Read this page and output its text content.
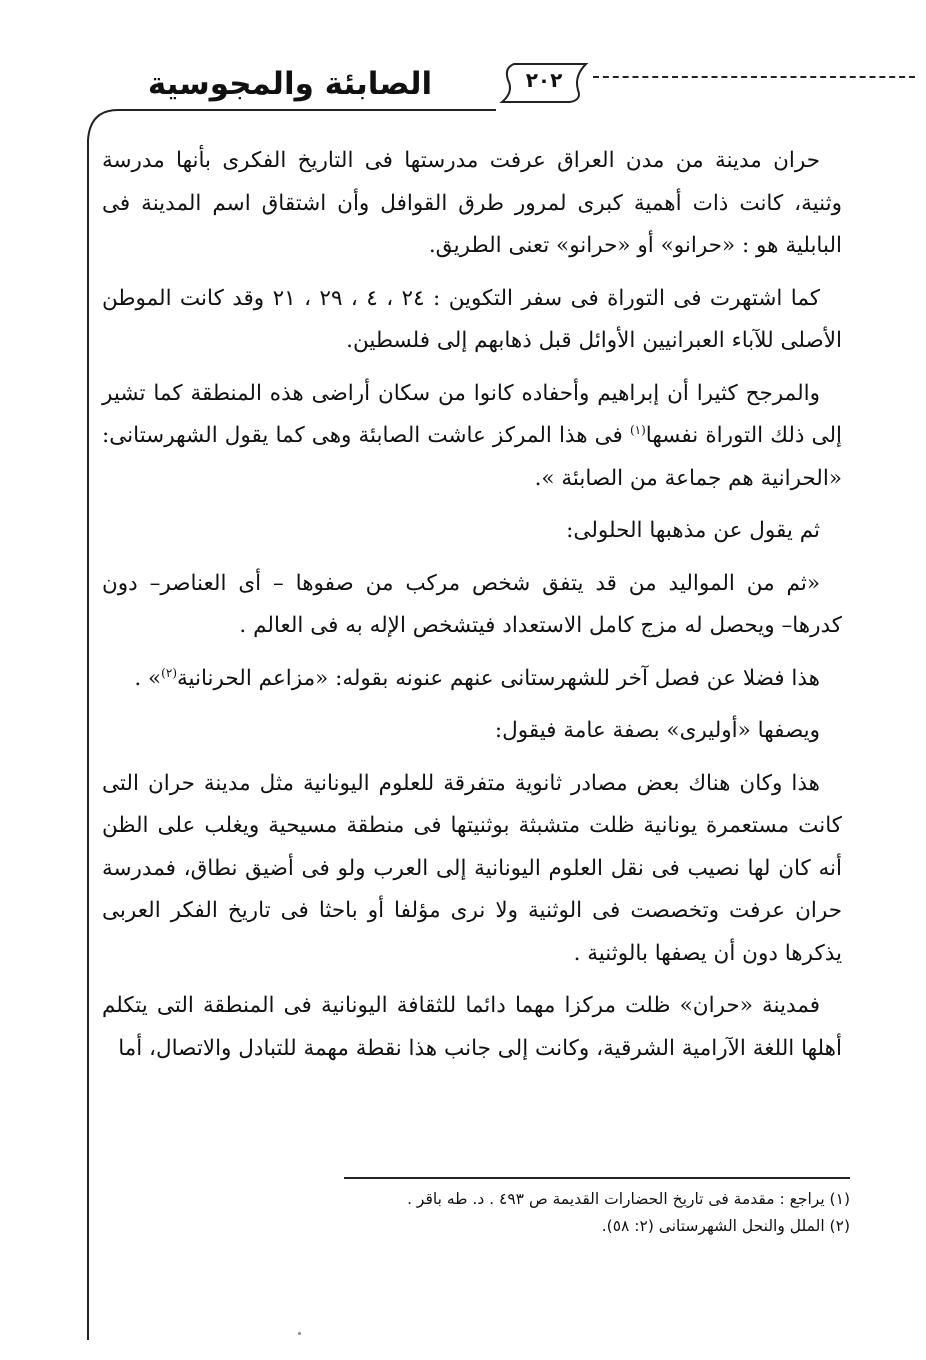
الصابئة والمجوسية	٢٠٢

حران مدينة من مدن العراق عرفت مدرستها فى التاريخ الفكرى بأنها مدرسة وثنية، كانت ذات أهمية كبرى لمرور طرق القوافل وأن اشتقاق اسم المدينة فى البابلية هو : «حرانو» أو «حرانو» تعنى الطريق.

كما اشتهرت فى التوراة فى سفر التكوين : ٢٤ ، ٤ ، ٢٩ ، ٢١ وقد كانت الموطن الأصلى للآباء العبرانيين الأوائل قبل ذهابهم إلى فلسطين.

والمرجح كثيرا أن إبراهيم وأحفاده كانوا من سكان أراضى هذه المنطقة كما تشير إلى ذلك التوراة نفسها$^{(١)}$ فى هذا المركز عاشت الصابئة وهى كما يقول الشهرستانى: «الحرانية هم جماعة من الصابئة ».

ثم يقول عن مذهبها الحلولى:

«ثم من المواليد من قد يتفق شخص مركب من صفوها – أى العناصر– دون كدرها– ويحصل له مزج كامل الاستعداد فيتشخص الإله به فى العالم .

هذا فضلا عن فصل آخر للشهرستانى عنهم عنونه بقوله: «مزاعم الحرنانية$^{(٢)}$» .

ويصفها «أوليرى» بصفة عامة فيقول:

هذا وكان هناك بعض مصادر ثانوية متفرقة للعلوم اليونانية مثل مدينة حران التى كانت مستعمرة يونانية ظلت متشبثة بوثنيتها فى منطقة مسيحية ويغلب على الظن أنه كان لها نصيب فى نقل العلوم اليونانية إلى العرب ولو فى أضيق نطاق، فمدرسة حران عرفت وتخصصت فى الوثنية ولا نرى مؤلفا أو باحثا فى تاريخ الفكر العربى يذكرها دون أن يصفها بالوثنية .

فمدينة «حران» ظلت مركزا مهما دائما للثقافة اليونانية فى المنطقة التى يتكلم أهلها اللغة الآرامية الشرقية، وكانت إلى جانب هذا نقطة مهمة للتبادل والاتصال، أما

(١) يراجع : مقدمة فى تاريخ الحضارات القديمة ص ٤٩٣ . د. طه باقر .

(٢) الملل والنحل الشهرستانى (٢: ٥٨).
